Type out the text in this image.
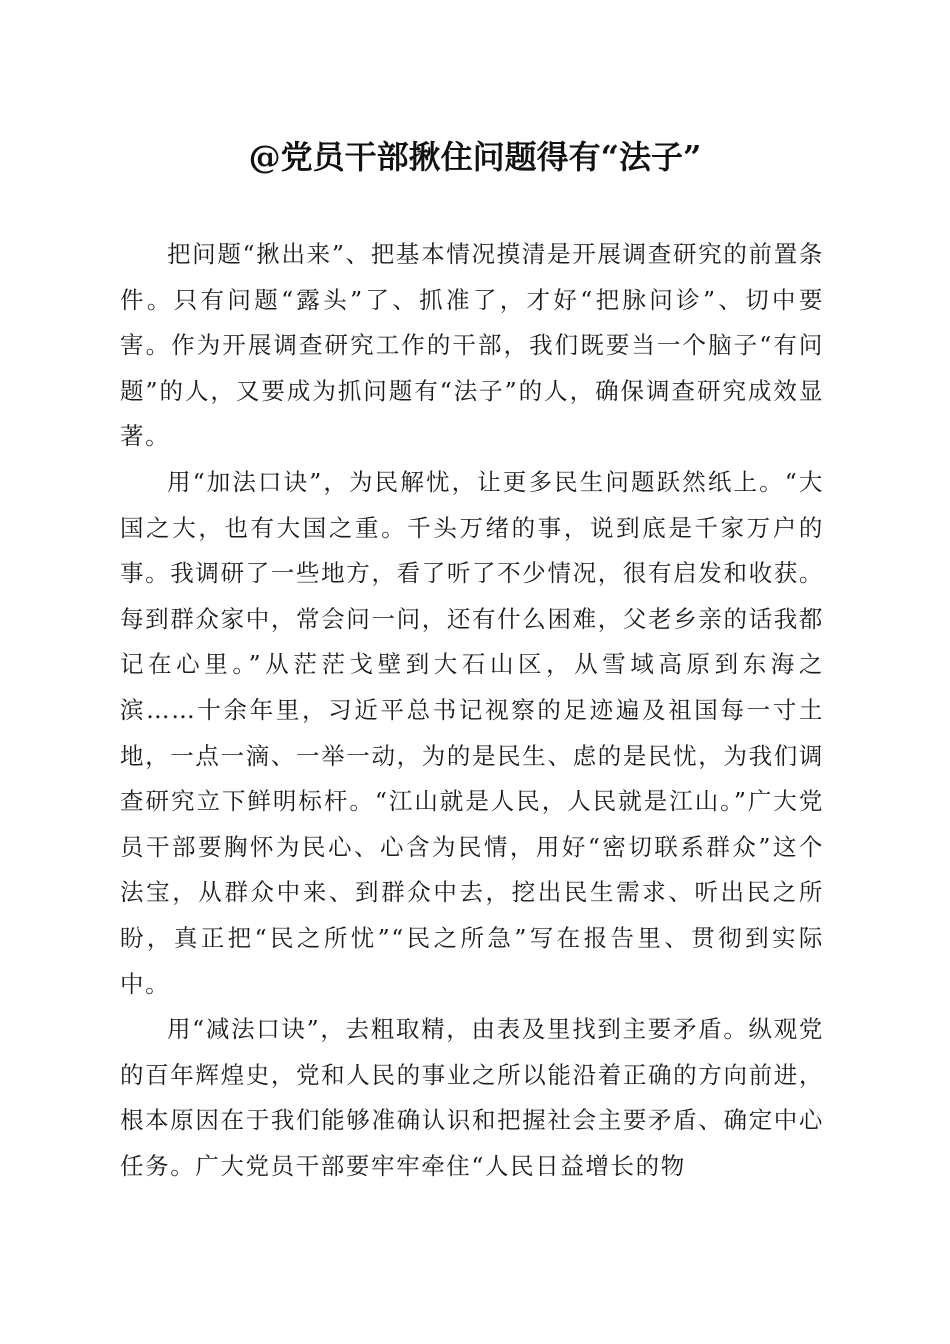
@党员干部揪住问题得有“法子”

把问题“揪出来”、把基本情况摸清是开展调查研究的前置条件。只有问题“露头”了、抓准了，才好“把脉问诊”、切中要害。作为开展调查研究工作的干部，我们既要当一个脑子“有问题”的人，又要成为抓问题有“法子”的人，确保调查研究成效显著。

用“加法口诀”，为民解忧，让更多民生问题跃然纸上。“大国之大，也有大国之重。千头万绪的事，说到底是千家万户的事。我调研了一些地方，看了听了不少情况，很有启发和收获。每到群众家中，常会问一问，还有什么困难，父老乡亲的话我都记在心里。”从茫茫戈壁到大石山区，从雪域高原到东海之滨……十余年里，习近平总书记视察的足迹遍及祖国每一寸土地，一点一滴、一举一动，为的是民生、虑的是民忧，为我们调查研究立下鲜明标杆。“江山就是人民，人民就是江山。”广大党员干部要胸怀为民心、心含为民情，用好“密切联系群众”这个法宝，从群众中来、到群众中去，挖出民生需求、听出民之所盼，真正把“民之所忧”“民之所急”写在报告里、贯彻到实际中。

用“减法口诀”，去粗取精，由表及里找到主要矛盾。纵观党的百年辉煌史，党和人民的事业之所以能沿着正确的方向前进，根本原因在于我们能够准确认识和把握社会主要矛盾、确定中心任务。广大党员干部要牢牢牵住“人民日益增长的物
